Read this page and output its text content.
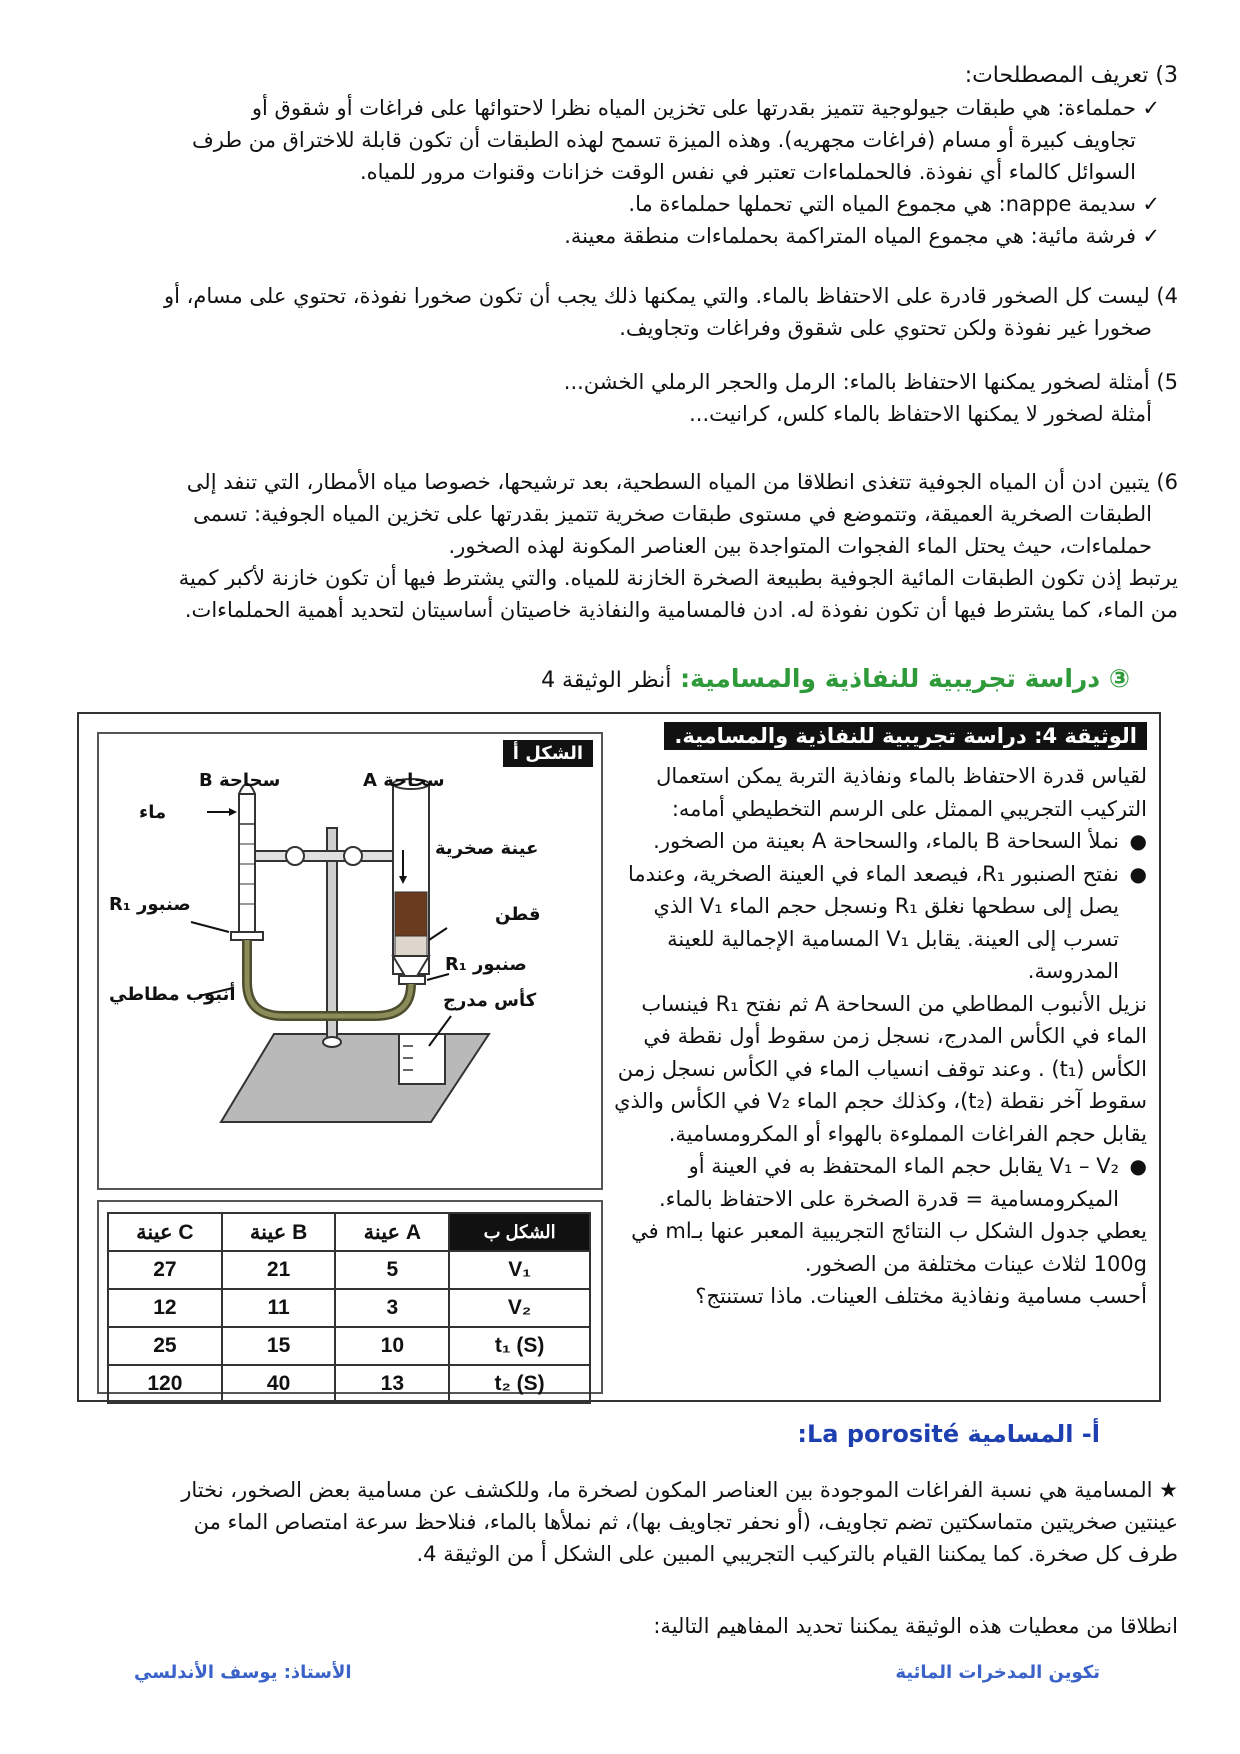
3) تعريف المصطلحات:
✓حملماءة: هي طبقات جيولوجية تتميز بقدرتها على تخزين المياه نظرا لاحتوائها على فراغات أو شقوق أو
تجاويف كبيرة أو مسام (فراغات مجهريه). وهذه الميزة تسمح لهذه الطبقات أن تكون قابلة للاختراق من طرف
السوائل كالماء أي نفوذة. فالحملماءات تعتبر في نفس الوقت خزانات وقنوات مرور للمياه.
✓سديمة nappe: هي مجموع المياه التي تحملها حملماءة ما.
✓فرشة مائية: هي مجموع المياه المتراكمة بحملماءات منطقة معينة.
4) ليست كل الصخور قادرة على الاحتفاظ بالماء. والتي يمكنها ذلك يجب أن تكون صخورا نفوذة، تحتوي على مسام، أو
صخورا غير نفوذة ولكن تحتوي على شقوق وفراغات وتجاويف.
5) أمثلة لصخور يمكنها الاحتفاظ بالماء: الرمل والحجر الرملي الخشن...
أمثلة لصخور لا يمكنها الاحتفاظ بالماء كلس، كرانيت...
6) يتبين ادن أن المياه الجوفية تتغذى انطلاقا من المياه السطحية، بعد ترشيحها، خصوصا مياه الأمطار، التي تنفد إلى
الطبقات الصخرية العميقة، وتتموضع في مستوى طبقات صخرية تتميز بقدرتها على تخزين المياه الجوفية: تسمى
حملماءات، حيث يحتل الماء الفجوات المتواجدة بين العناصر المكونة لهذه الصخور.
يرتبط إذن تكون الطبقات المائية الجوفية بطبيعة الصخرة الخازنة للمياه. والتي يشترط فيها أن تكون خازنة لأكبر كمية
من الماء، كما يشترط فيها أن تكون نفوذة له. ادن فالمسامية والنفاذية خاصيتان أساسيتان لتحديد أهمية الحملماءات.
③ دراسة تجريبية للنفاذية والمسامية: أنظر الوثيقة 4
الوثيقة 4: دراسة تجريبية للنفاذية والمسامية.
لقياس قدرة الاحتفاظ بالماء ونفاذية التربة يمكن استعمال التركيب التجريبي الممثل على الرسم التخطيطي أمامه:
●
نملأ السحاحة B بالماء، والسحاحة A بعينة من الصخور.
●
نفتح الصنبور R₁، فيصعد الماء في العينة الصخرية، وعندما يصل إلى سطحها نغلق R₁ ونسجل حجم الماء V₁ الذي تسرب إلى العينة. يقابل V₁ المسامية الإجمالية للعينة المدروسة.
نزيل الأنبوب المطاطي من السحاحة A ثم نفتح R₁ فينساب الماء في الكأس المدرج، نسجل زمن سقوط أول نقطة في الكأس (t₁) . وعند توقف انسياب الماء في الكأس نسجل زمن سقوط آخر نقطة (t₂)، وكذلك حجم الماء V₂ في الكأس والذي يقابل حجم الفراغات المملوءة بالهواء أو المكرومسامية.
●
V₁ – V₂ يقابل حجم الماء المحتفظ به في العينة أو الميكرومسامية = قدرة الصخرة على الاحتفاظ بالماء.
يعطي جدول الشكل ب النتائج التجريبية المعبر عنها بـml في 100g لثلاث عينات مختلفة من الصخور.
أحسب مسامية ونفاذية مختلف العينات. ماذا تستنتج؟
الشكل أ
سحاحة B	سحاحة A
ماء
عينة صخرية
صنبور R₁	قطن
صنبور R₁
أنبوب مطاطي	كأس مدرج
عينة C	عينة B	عينة A	الشكل ب
27	21	5	V₁
12	11	3	V₂
25	15	10	t₁ (S)
120	40	13	t₂ (S)
أ- المسامية La porosité:
★ المسامية هي نسبة الفراغات الموجودة بين العناصر المكون لصخرة ما، وللكشف عن مسامية بعض الصخور، نختار
عينتين صخريتين متماسكتين تضم تجاويف، (أو نحفر تجاويف بها)، ثم نملأها بالماء، فنلاحظ سرعة امتصاص الماء من
طرف كل صخرة. كما يمكننا القيام بالتركيب التجريبي المبين على الشكل أ من الوثيقة 4.
انطلاقا من معطيات هذه الوثيقة يمكننا تحديد المفاهيم التالية:
تكوين المدخرات المائية
الأستاذ: يوسف الأندلسي
